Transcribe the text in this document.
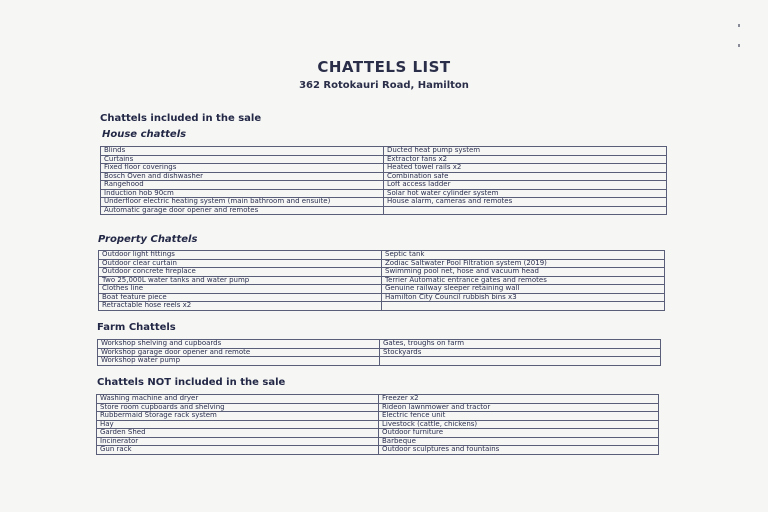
CHATTELS LIST
362 Rotokauri Road, Hamilton
Chattels included in the sale
House chattels
Blinds	Ducted heat pump system
Curtains	Extractor fans x2
Fixed floor coverings	Heated towel rails x2
Bosch Oven and dishwasher	Combination safe
Rangehood	Loft access ladder
Induction hob 90cm	Solar hot water cylinder system
Underfloor electric heating system (main bathroom and ensuite)	House alarm, cameras and remotes
Automatic garage door opener and remotes	
Property Chattels
Outdoor light fittings	Septic tank
Outdoor clear curtain	Zodiac Saltwater Pool Filtration system (2019)
Outdoor concrete fireplace	Swimming pool net, hose and vacuum head
Two 25,000L water tanks and water pump	Terrier Automatic entrance gates and remotes
Clothes line	Genuine railway sleeper retaining wall
Boat feature piece	Hamilton City Council rubbish bins x3
Retractable hose reels x2	
Farm Chattels
Workshop shelving and cupboards	Gates, troughs on farm
Workshop garage door opener and remote	Stockyards
Workshop water pump	
Chattels NOT included in the sale
Washing machine and dryer	Freezer x2
Store room cupboards and shelving	Rideon lawnmower and tractor
Rubbermaid Storage rack system	Electric fence unit
Hay	Livestock (cattle, chickens)
Garden Shed	Outdoor furniture
Incinerator	Barbeque
Gun rack	Outdoor sculptures and fountains
